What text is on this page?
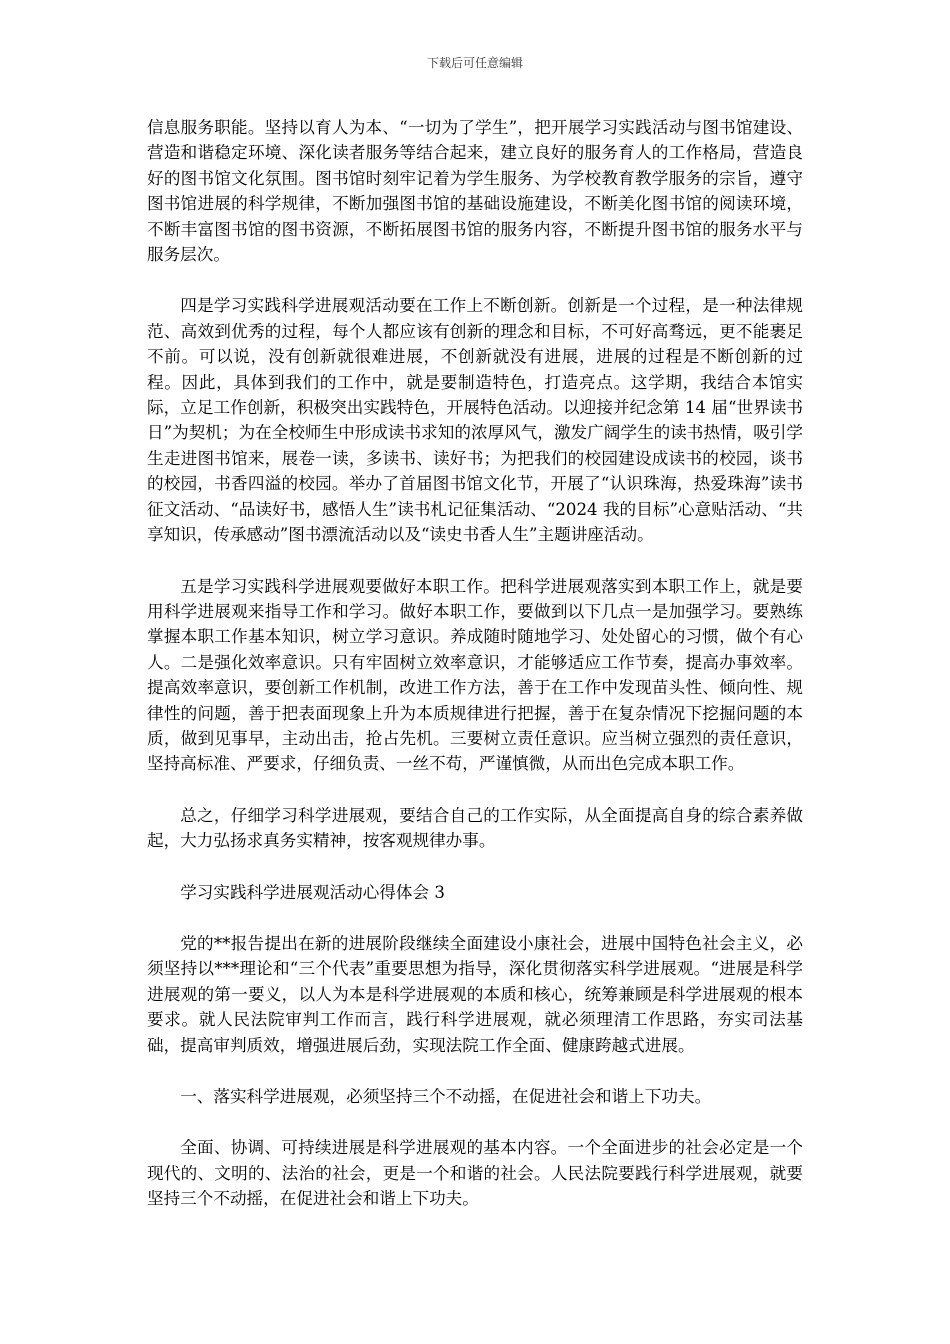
下载后可任意编辑

信息服务职能。坚持以育人为本、“一切为了学生”，把开展学习实践活动与图书馆建设、营造和谐稳定环境、深化读者服务等结合起来，建立良好的服务育人的工作格局，营造良好的图书馆文化氛围。图书馆时刻牢记着为学生服务、为学校教育教学服务的宗旨，遵守图书馆进展的科学规律，不断加强图书馆的基础设施建设，不断美化图书馆的阅读环境，不断丰富图书馆的图书资源，不断拓展图书馆的服务内容，不断提升图书馆的服务水平与服务层次。

四是学习实践科学进展观活动要在工作上不断创新。创新是一个过程，是一种法律规范、高效到优秀的过程，每个人都应该有创新的理念和目标，不可好高骛远，更不能裹足不前。可以说，没有创新就很难进展，不创新就没有进展，进展的过程是不断创新的过程。因此，具体到我们的工作中，就是要制造特色，打造亮点。这学期，我结合本馆实际，立足工作创新，积极突出实践特色，开展特色活动。以迎接并纪念第 14 届“世界读书日”为契机；为在全校师生中形成读书求知的浓厚风气，激发广阔学生的读书热情，吸引学生走进图书馆来，展卷一读，多读书、读好书；为把我们的校园建设成读书的校园，谈书的校园，书香四溢的校园。举办了首届图书馆文化节，开展了“认识珠海，热爱珠海”读书征文活动、“品读好书，感悟人生”读书札记征集活动、“2024 我的目标”心意贴活动、“共享知识，传承感动”图书漂流活动以及“读史书香人生”主题讲座活动。

五是学习实践科学进展观要做好本职工作。把科学进展观落实到本职工作上，就是要用科学进展观来指导工作和学习。做好本职工作，要做到以下几点一是加强学习。要熟练掌握本职工作基本知识，树立学习意识。养成随时随地学习、处处留心的习惯，做个有心人。二是强化效率意识。只有牢固树立效率意识，才能够适应工作节奏，提高办事效率。提高效率意识，要创新工作机制，改进工作方法，善于在工作中发现苗头性、倾向性、规律性的问题，善于把表面现象上升为本质规律进行把握，善于在复杂情况下挖掘问题的本质，做到见事早，主动出击，抢占先机。三要树立责任意识。应当树立强烈的责任意识，坚持高标准、严要求，仔细负责、一丝不苟，严谨慎微，从而出色完成本职工作。

总之，仔细学习科学进展观，要结合自己的工作实际，从全面提高自身的综合素养做起，大力弘扬求真务实精神，按客观规律办事。

学习实践科学进展观活动心得体会 3

党的**报告提出在新的进展阶段继续全面建设小康社会，进展中国特色社会主义，必须坚持以***理论和“三个代表”重要思想为指导，深化贯彻落实科学进展观。“进展是科学进展观的第一要义，以人为本是科学进展观的本质和核心，统筹兼顾是科学进展观的根本要求。就人民法院审判工作而言，践行科学进展观，就必须理清工作思路，夯实司法基础，提高审判质效，增强进展后劲，实现法院工作全面、健康跨越式进展。

一、落实科学进展观，必须坚持三个不动摇，在促进社会和谐上下功夫。

全面、协调、可持续进展是科学进展观的基本内容。一个全面进步的社会必定是一个现代的、文明的、法治的社会，更是一个和谐的社会。人民法院要践行科学进展观，就要坚持三个不动摇，在促进社会和谐上下功夫。
